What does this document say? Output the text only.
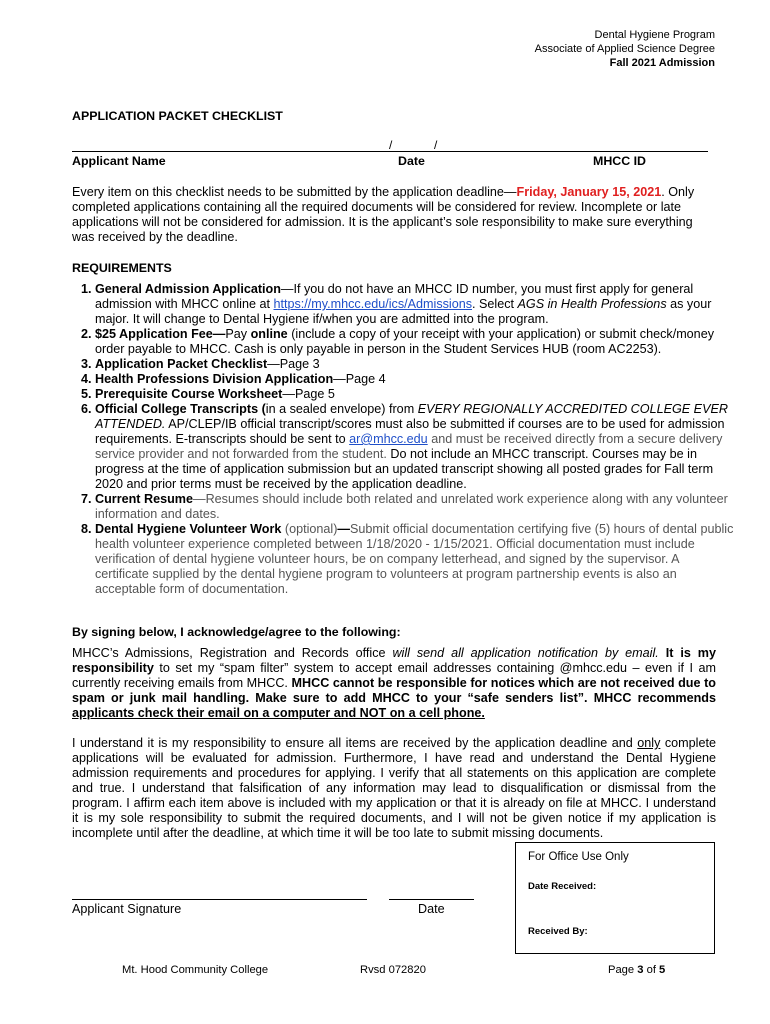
Dental Hygiene Program
Associate of Applied Science Degree
Fall 2021 Admission
APPLICATION PACKET CHECKLIST
/	/
Applicant Name	Date	MHCC ID
Every item on this checklist needs to be submitted by the application deadline—Friday, January 15, 2021. Only completed applications containing all the required documents will be considered for review. Incomplete or late applications will not be considered for admission. It is the applicant’s sole responsibility to make sure everything was received by the deadline.
REQUIREMENTS
1. General Admission Application—If you do not have an MHCC ID number, you must first apply for general admission with MHCC online at https://my.mhcc.edu/ics/Admissions. Select AGS in Health Professions as your major. It will change to Dental Hygiene if/when you are admitted into the program.
2. $25 Application Fee—Pay online (include a copy of your receipt with your application) or submit check/money order payable to MHCC. Cash is only payable in person in the Student Services HUB (room AC2253).
3. Application Packet Checklist—Page 3
4. Health Professions Division Application—Page 4
5. Prerequisite Course Worksheet—Page 5
6. Official College Transcripts (in a sealed envelope) from EVERY REGIONALLY ACCREDITED COLLEGE EVER ATTENDED. AP/CLEP/IB official transcript/scores must also be submitted if courses are to be used for admission requirements. E-transcripts should be sent to ar@mhcc.edu and must be received directly from a secure delivery service provider and not forwarded from the student. Do not include an MHCC transcript. Courses may be in progress at the time of application submission but an updated transcript showing all posted grades for Fall term 2020 and prior terms must be received by the application deadline.
7. Current Resume—Resumes should include both related and unrelated work experience along with any volunteer information and dates.
8. Dental Hygiene Volunteer Work (optional)—Submit official documentation certifying five (5) hours of dental public health volunteer experience completed between 1/18/2020 - 1/15/2021. Official documentation must include verification of dental hygiene volunteer hours, be on company letterhead, and signed by the supervisor. A certificate supplied by the dental hygiene program to volunteers at program partnership events is also an acceptable form of documentation.
By signing below, I acknowledge/agree to the following:
MHCC’s Admissions, Registration and Records office will send all application notification by email. It is my responsibility to set my “spam filter” system to accept email addresses containing @mhcc.edu – even if I am currently receiving emails from MHCC. MHCC cannot be responsible for notices which are not received due to spam or junk mail handling. Make sure to add MHCC to your “safe senders list”. MHCC recommends applicants check their email on a computer and NOT on a cell phone.
I understand it is my responsibility to ensure all items are received by the application deadline and only complete applications will be evaluated for admission. Furthermore, I have read and understand the Dental Hygiene admission requirements and procedures for applying. I verify that all statements on this application are complete and true. I understand that falsification of any information may lead to disqualification or dismissal from the program. I affirm each item above is included with my application or that it is already on file at MHCC. I understand it is my sole responsibility to submit the required documents, and I will not be given notice if my application is incomplete until after the deadline, at which time it will be too late to submit missing documents.
Applicant Signature	Date
For Office Use Only
Date Received:
Received By:
Mt. Hood Community College	Rvsd 072820	Page 3 of 5
